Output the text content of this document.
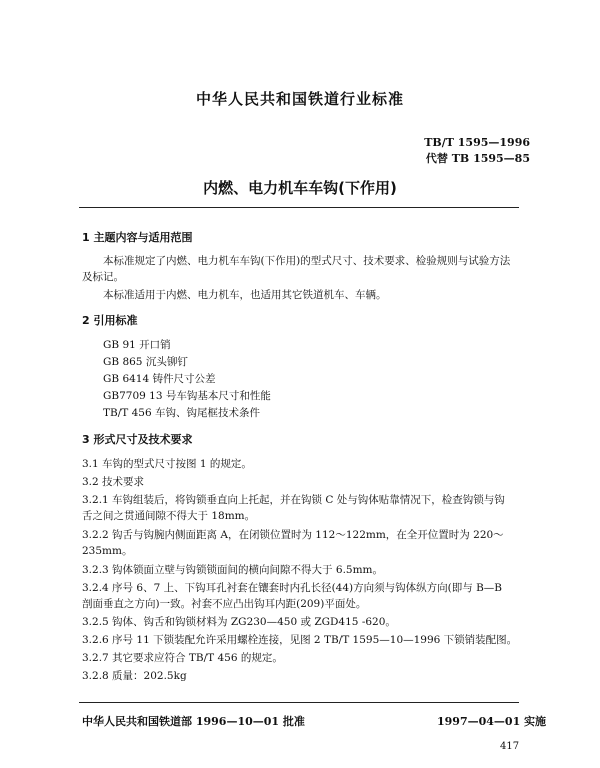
中华人民共和国铁道行业标准
TB/T 1595—1996
代替 TB 1595—85
内燃、电力机车车钩(下作用)
1 主题内容与适用范围
本标准规定了内燃、电力机车车钩(下作用)的型式尺寸、技术要求、检验规则与试验方法
及标记。
本标准适用于内燃、电力机车，也适用其它铁道机车、车辆。
2 引用标准
GB 91 开口销
GB 865 沉头铆钉
GB 6414 铸件尺寸公差
GB7709 13 号车钩基本尺寸和性能
TB/T 456 车钩、钩尾框技术条件
3 形式尺寸及技术要求
3.1 车钩的型式尺寸按图 1 的规定。
3.2 技术要求
3.2.1 车钩组装后，将钩锁垂直向上托起，并在钩锁 C 处与钩体贴靠情况下，检查钩锁与钩
舌之间之贯通间隙不得大于 18mm。
3.2.2 钩舌与钩腕内侧面距离 A，在闭锁位置时为 112～122mm，在全开位置时为 220～
235mm。
3.2.3 钩体锁面立壁与钩锁锁面间的横向间隙不得大于 6.5mm。
3.2.4 序号 6、7 上、下钩耳孔衬套在镶套时内孔长径(44)方向须与钩体纵方向(即与 B—B
剖面垂直之方向)一致。衬套不应凸出钩耳内距(209)平面处。
3.2.5 钩体、钩舌和钩锁材料为 ZG230—450 或 ZGD415 -620。
3.2.6 序号 11 下锁装配允许采用螺栓连接，见图 2 TB/T 1595—10—1996 下锁销装配图。
3.2.7 其它要求应符合 TB/T 456 的规定。
3.2.8 质量：202.5kg
中华人民共和国铁道部 1996—10—01 批准	1997—04—01 实施
417
